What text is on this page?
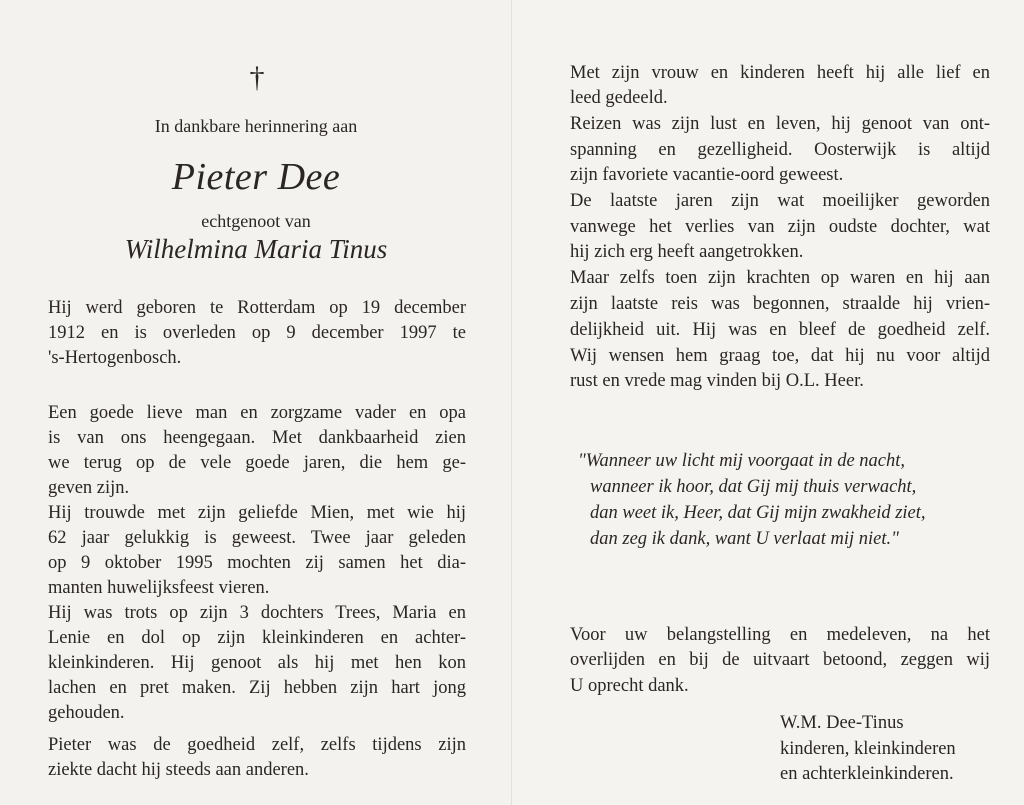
†
In dankbare herinnering aan
Pieter Dee
echtgenoot van
Wilhelmina Maria Tinus
Hij werd geboren te Rotterdam op 19 december
1912 en is overleden op 9 december 1997 te
's-Hertogenbosch.
Een goede lieve man en zorgzame vader en opa
is van ons heengegaan. Met dankbaarheid zien
we terug op de vele goede jaren, die hem ge-
geven zijn.
Hij trouwde met zijn geliefde Mien, met wie hij
62 jaar gelukkig is geweest. Twee jaar geleden
op 9 oktober 1995 mochten zij samen het dia-
manten huwelijksfeest vieren.
Hij was trots op zijn 3 dochters Trees, Maria en
Lenie en dol op zijn kleinkinderen en achter-
kleinkinderen. Hij genoot als hij met hen kon
lachen en pret maken. Zij hebben zijn hart jong
gehouden.
Pieter was de goedheid zelf, zelfs tijdens zijn
ziekte dacht hij steeds aan anderen.
Met zijn vrouw en kinderen heeft hij alle lief en
leed gedeeld.
Reizen was zijn lust en leven, hij genoot van ont-
spanning en gezelligheid. Oosterwijk is altijd
zijn favoriete vacantie-oord geweest.
De laatste jaren zijn wat moeilijker geworden
vanwege het verlies van zijn oudste dochter, wat
hij zich erg heeft aangetrokken.
Maar zelfs toen zijn krachten op waren en hij aan
zijn laatste reis was begonnen, straalde hij vrien-
delijkheid uit. Hij was en bleef de goedheid zelf.
Wij wensen hem graag toe, dat hij nu voor altijd
rust en vrede mag vinden bij O.L. Heer.
"Wanneer uw licht mij voorgaat in de nacht,
wanneer ik hoor, dat Gij mij thuis verwacht,
dan weet ik, Heer, dat Gij mijn zwakheid ziet,
dan zeg ik dank, want U verlaat mij niet."
Voor uw belangstelling en medeleven, na het
overlijden en bij de uitvaart betoond, zeggen wij
U oprecht dank.
W.M. Dee-Tinus
kinderen, kleinkinderen
en achterkleinkinderen.
